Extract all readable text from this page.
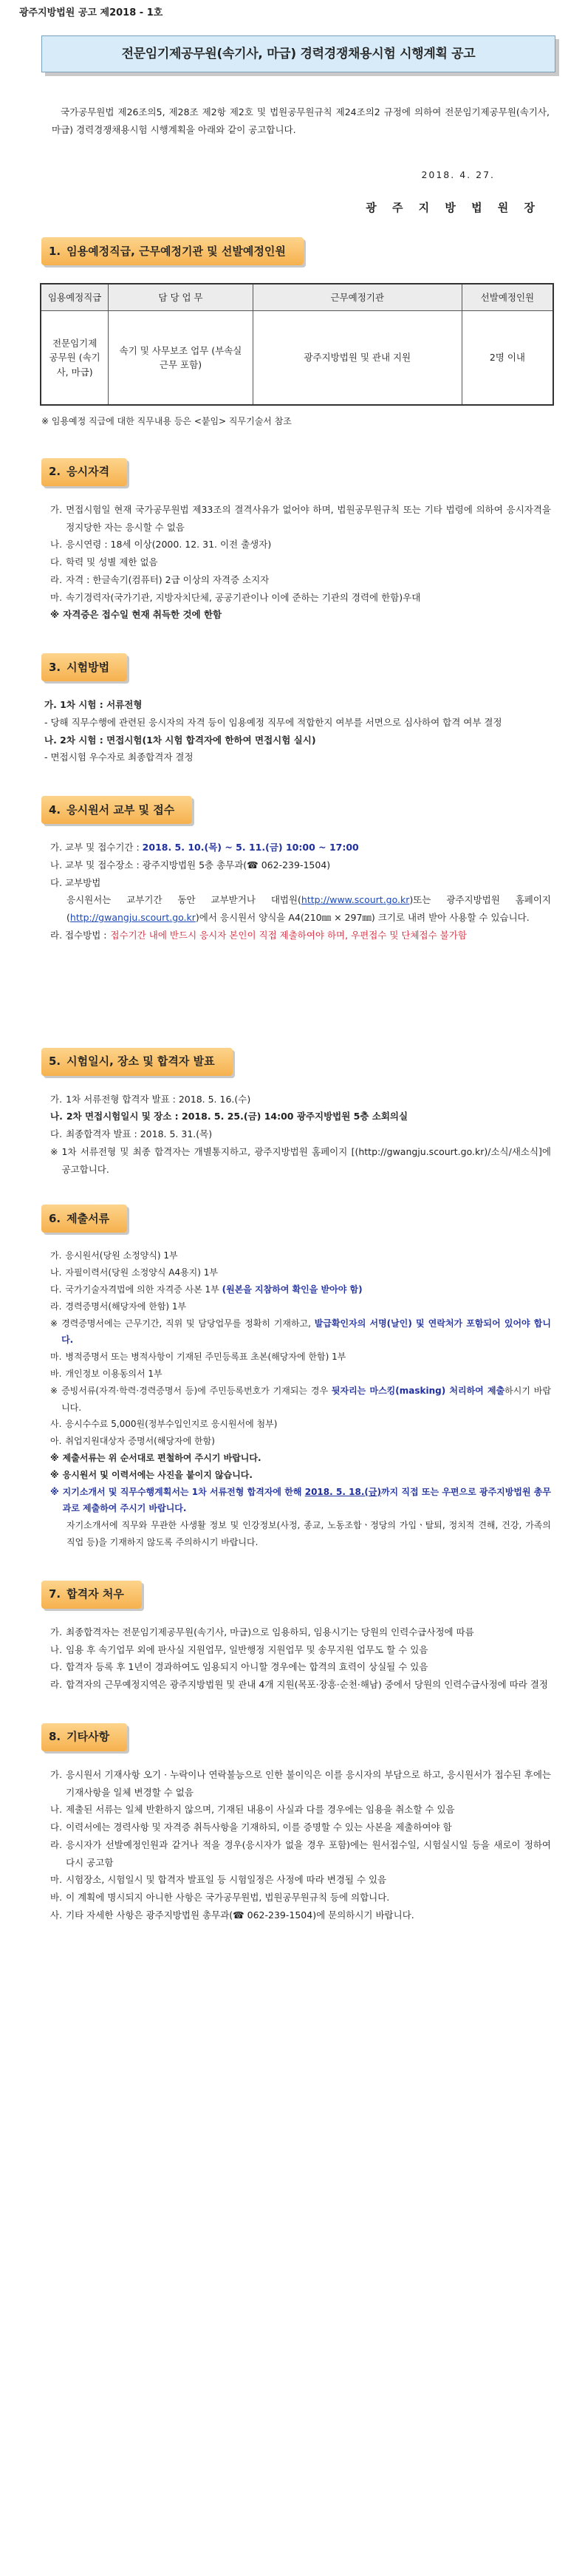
광주지방법원 공고 제2018 - 1호
전문임기제공무원(속기사, 마급) 경력경쟁채용시험 시행계획 공고

국가공무원법 제26조의5, 제28조 제2항 제2호 및 법원공무원규칙 제24조의2 규정에 의하여 전문임기제공무원(속기사, 마급) 경력경쟁채용시험 시행계획을 아래와 같이 공고합니다.

2018. 4. 27.
광 주 지 방 법 원 장
1. 임용예정직급, 근무예정기관 및 선발예정인원
임용예정직급	담 당 업 무	근무예정기관	선발예정인원
전문임기제 공무원 (속기사, 마급)	속기 및 사무보조 업무 (부속실 근무 포함)	광주지방법원 및 관내 지원	2명 이내
※ 임용예정 직급에 대한 직무내용 등은 <붙임> 직무기술서 참조
2. 응시자격
가. 면접시험일 현재 국가공무원법 제33조의 결격사유가 없어야 하며, 법원공무원규칙 또는 기타 법령에 의하여 응시자격을 정지당한 자는 응시할 수 없음
나. 응시연령 : 18세 이상(2000. 12. 31. 이전 출생자)
다. 학력 및 성별 제한 없음
라. 자격 : 한글속기(컴퓨터) 2급 이상의 자격증 소지자
마. 속기경력자(국가기관, 지방자치단체, 공공기관이나 이에 준하는 기관의 경력에 한함)우대
※ 자격증은 접수일 현재 취득한 것에 한함
3. 시험방법
가. 1차 시험 : 서류전형
- 당해 직무수행에 관련된 응시자의 자격 등이 임용예정 직무에 적합한지 여부를 서면으로 심사하여 합격 여부 결정
나. 2차 시험 : 면접시험(1차 시험 합격자에 한하여 면접시험 실시)
- 면접시험 우수자로 최종합격자 결정
4. 응시원서 교부 및 접수
가. 교부 및 접수기간 : 2018. 5. 10.(목) ~ 5. 11.(금) 10:00 ~ 17:00
나. 교부 및 접수장소 : 광주지방법원 5층 총무과(☎ 062-239-1504)
다. 교부방법
응시원서는 교부기간 동안 교부받거나 대법원(http://www.scourt.go.kr)또는 광주지방법원 홈페이지(http://gwangju.scourt.go.kr)에서 응시원서 양식을 A4(210㎜ × 297㎜) 크기로 내려 받아 사용할 수 있습니다.
라. 접수방법 : 접수기간 내에 반드시 응시자 본인이 직접 제출하여야 하며, 우편접수 및 단체접수 불가함
5. 시험일시, 장소 및 합격자 발표
가. 1차 서류전형 합격자 발표 : 2018. 5. 16.(수)
나. 2차 면접시험일시 및 장소 : 2018. 5. 25.(금) 14:00 광주지방법원 5층 소회의실
다. 최종합격자 발표 : 2018. 5. 31.(목)
※ 1차 서류전형 및 최종 합격자는 개별통지하고, 광주지방법원 홈페이지 [(http://gwangju.scourt.go.kr)/소식/새소식]에 공고합니다.
6. 제출서류
가. 응시원서(당원 소정양식) 1부
나. 자필이력서(당원 소정양식 A4용지) 1부
다. 국가기술자격법에 의한 자격증 사본 1부 (원본을 지참하여 확인을 받아야 함)
라. 경력증명서(해당자에 한함) 1부
※ 경력증명서에는 근무기간, 직위 및 담당업무를 정확히 기재하고, 발급확인자의 서명(날인) 및 연락처가 포함되어 있어야 합니다.
마. 병적증명서 또는 병적사항이 기재된 주민등록표 초본(해당자에 한함) 1부
바. 개인정보 이용동의서 1부
※ 증빙서류(자격·학력·경력증명서 등)에 주민등록번호가 기재되는 경우 뒷자리는 마스킹(masking) 처리하여 제출하시기 바랍니다.
사. 응시수수료 5,000원(정부수입인지로 응시원서에 첨부)
아. 취업지원대상자 증명서(해당자에 한함)
※ 제출서류는 위 순서대로 편철하여 주시기 바랍니다.
※ 응시원서 및 이력서에는 사진을 붙이지 않습니다.
※ 지기소개서 및 직무수행계획서는 1차 서류전형 합격자에 한해 2018. 5. 18.(금)까지 직접 또는 우편으로 광주지방법원 총무과로 제출하여 주시기 바랍니다.
자기소개서에 직무와 무관한 사생활 정보 및 인강정보(사정, 종교, 노동조합ㆍ정당의 가입ㆍ탈퇴, 정치적 견해, 건강, 가족의 직업 등)을 기재하지 않도록 주의하시기 바랍니다.
7. 합격자 처우
가. 최종합격자는 전문임기제공무원(속기사, 마급)으로 임용하되, 임용시기는 당원의 인력수급사정에 따름
나. 임용 후 속기업무 외에 판사실 지원업무, 일반행정 지원업무 및 송무지원 업무도 할 수 있음
다. 합격자 등록 후 1년이 경과하여도 임용되지 아니할 경우에는 합격의 효력이 상실될 수 있음
라. 합격자의 근무예정지역은 광주지방법원 및 관내 4개 지원(목포·장흥·순천·해남) 중에서 당원의 인력수급사정에 따라 결정
8. 기타사항
가. 응시원서 기재사항 오기 · 누락이나 연락불능으로 인한 불이익은 이를 응시자의 부담으로 하고, 응시원서가 접수된 후에는 기재사항을 일체 변경할 수 없음
나. 제출된 서류는 일체 반환하지 않으며, 기재된 내용이 사실과 다를 경우에는 임용을 취소할 수 있음
다. 이력서에는 경력사항 및 자격증 취득사항을 기재하되, 이를 증명할 수 있는 사본을 제출하여야 함
라. 응시자가 선발예정인원과 같거나 적을 경우(응시자가 없을 경우 포함)에는 원서접수일, 시험실시일 등을 새로이 정하여 다시 공고함
마. 시험장소, 시험일시 및 합격자 발표일 등 시험일정은 사정에 따라 변경될 수 있음
바. 이 계획에 명시되지 아니한 사항은 국가공무원법, 법원공무원규칙 등에 의합니다.
사. 기타 자세한 사항은 광주지방법원 총무과(☎ 062-239-1504)에 문의하시기 바랍니다.
